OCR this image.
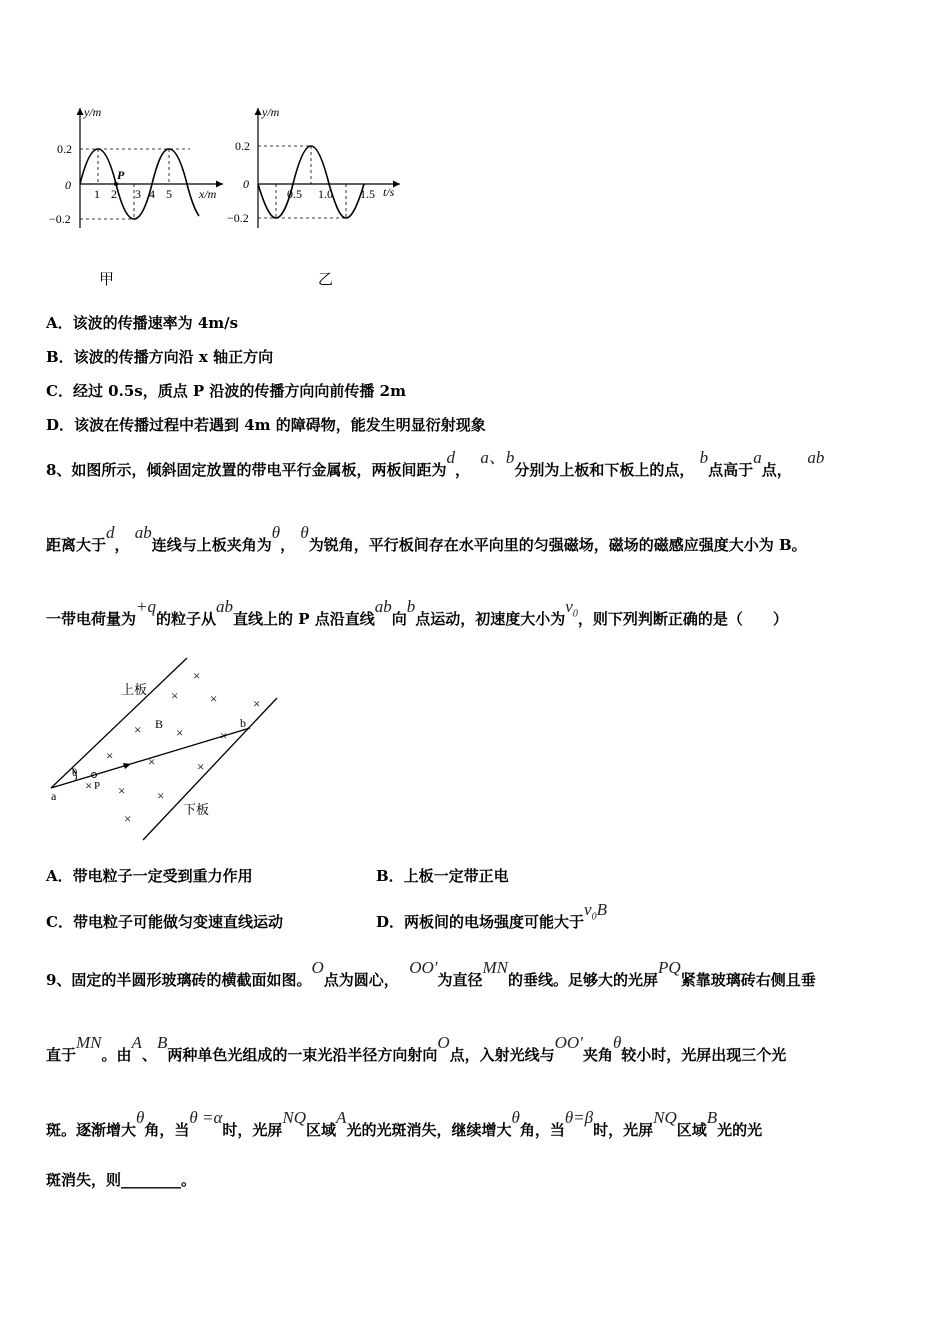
y/m
x/m
0.2
0
−0.2
1 2 3 4 5
P
甲
y/m
t/s
0.2
0
−0.2
0.5 1.0 1.5
乙
A．该波的传播速率为 4m/s
B．该波的传播方向沿 x 轴正方向
C．经过 0.5s，质点 P 沿波的传播方向向前传播 2m
D．该波在传播过程中若遇到 4m 的障碍物，能发生明显衍射现象
8、如图所示，倾斜固定放置的带电平行金属板，两板间距为d，  a、b分别为上板和下板上的点， b点高于a点，   ab
距离大于d， ab连线与上板夹角为θ， θ为锐角，平行板间存在水平向里的匀强磁场，磁场的磁感应强度大小为 B。
一带电荷量为+q的粒子从ab直线上的 P 点沿直线ab向b点运动，初速度大小为$v_0$，则下列判断正确的是（　　）
上板
下板
b
a
B
θ
P
×
× ×	×
×	×	×
×	×	×
× × ×
×
A．带电粒子一定受到重力作用	B．上板一定带正电
C．带电粒子可能做匀变速直线运动	D．两板间的电场强度可能大于$v_0B$
9、固定的半圆形玻璃砖的横截面如图。O点为圆心，  OO′为直径MN的垂线。足够大的光屏PQ紧靠玻璃砖右侧且垂
直于MN。由A、B两种单色光组成的一束光沿半径方向射向O点，入射光线与OO′夹角θ较小时，光屏出现三个光
斑。逐渐增大θ角，当θ =α时，光屏NQ区域A光的光斑消失，继续增大θ角，当θ=β时，光屏NQ区域B光的光
斑消失，则________。
